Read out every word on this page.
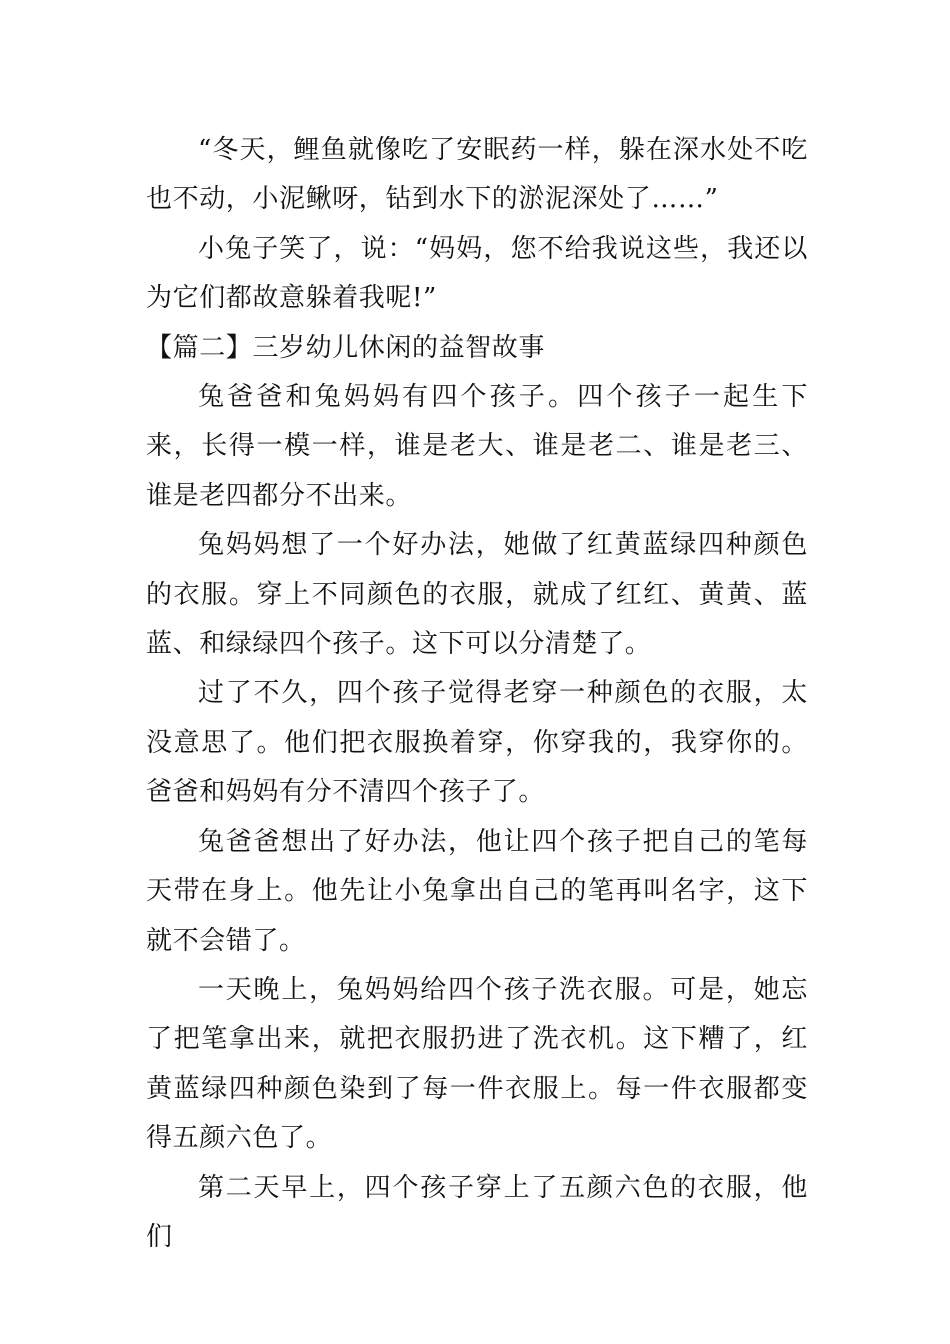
“冬天，鲤鱼就像吃了安眠药一样，躲在深水处不吃也不动，小泥鳅呀，钻到水下的淤泥深处了……”

小兔子笑了，说：“妈妈，您不给我说这些，我还以为它们都故意躲着我呢!”

【篇二】三岁幼儿休闲的益智故事

兔爸爸和兔妈妈有四个孩子。四个孩子一起生下来，长得一模一样，谁是老大、谁是老二、谁是老三、谁是老四都分不出来。

兔妈妈想了一个好办法，她做了红黄蓝绿四种颜色的衣服。穿上不同颜色的衣服，就成了红红、黄黄、蓝蓝、和绿绿四个孩子。这下可以分清楚了。

过了不久，四个孩子觉得老穿一种颜色的衣服，太没意思了。他们把衣服换着穿，你穿我的，我穿你的。爸爸和妈妈有分不清四个孩子了。

兔爸爸想出了好办法，他让四个孩子把自己的笔每天带在身上。他先让小兔拿出自己的笔再叫名字，这下就不会错了。

一天晚上，兔妈妈给四个孩子洗衣服。可是，她忘了把笔拿出来，就把衣服扔进了洗衣机。这下糟了，红黄蓝绿四种颜色染到了每一件衣服上。每一件衣服都变得五颜六色了。

第二天早上，四个孩子穿上了五颜六色的衣服，他们
